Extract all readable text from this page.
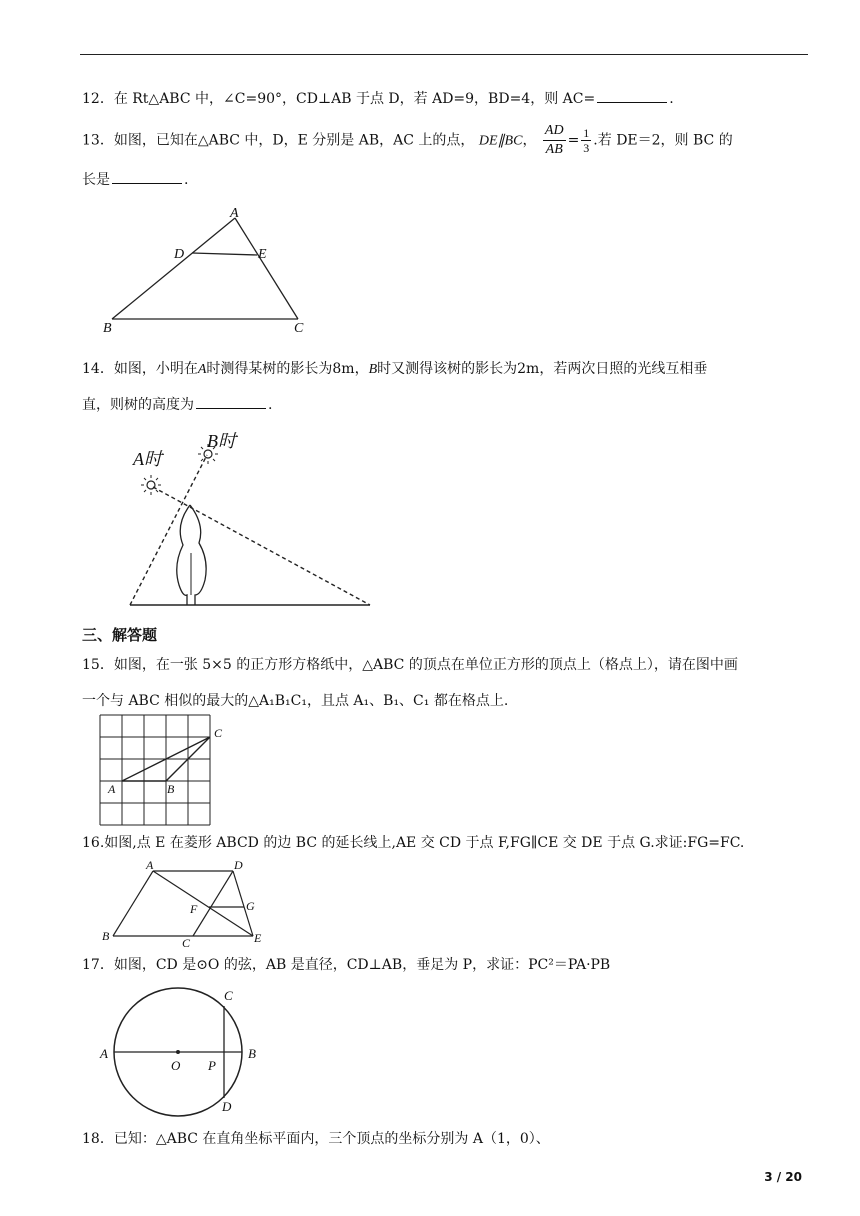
12．在 Rt△ABC 中，∠C=90°，CD⊥AB 于点 D，若 AD=9，BD=4，则 AC=	.
13．如图，已知在△ABC 中，D，E 分别是 AB，AC 上的点， DE∥BC， $\frac{AD}{AB} = \frac{1}{3}$ .若 DE＝2，则 BC 的
长是	.
A
D	E
B	C
14．如图，小明在A时测得某树的影长为8m，B时又测得该树的影长为2m，若两次日照的光线互相垂
直，则树的高度为	.
A时
B时
三、解答题
15．如图，在一张 5×5 的正方形方格纸中，△ABC 的顶点在单位正方形的顶点上（格点上），请在图中画
一个与 ABC 相似的最大的△A₁B₁C₁，且点 A₁、B₁、C₁ 都在格点上.
A	B
C
16.如图,点 E 在菱形 ABCD 的边 BC 的延长线上,AE 交 CD 于点 F,FG∥CE 交 DE 于点 G.求证:FG=FC.
A	D
B	C	E
F	G
17．如图，CD 是⊙O 的弦，AB 是直径，CD⊥AB，垂足为 P，求证：PC²＝PA·PB
A	B
C
D
O P
18．已知：△ABC 在直角坐标平面内，三个顶点的坐标分别为 A（1，0）、
3 / 20
